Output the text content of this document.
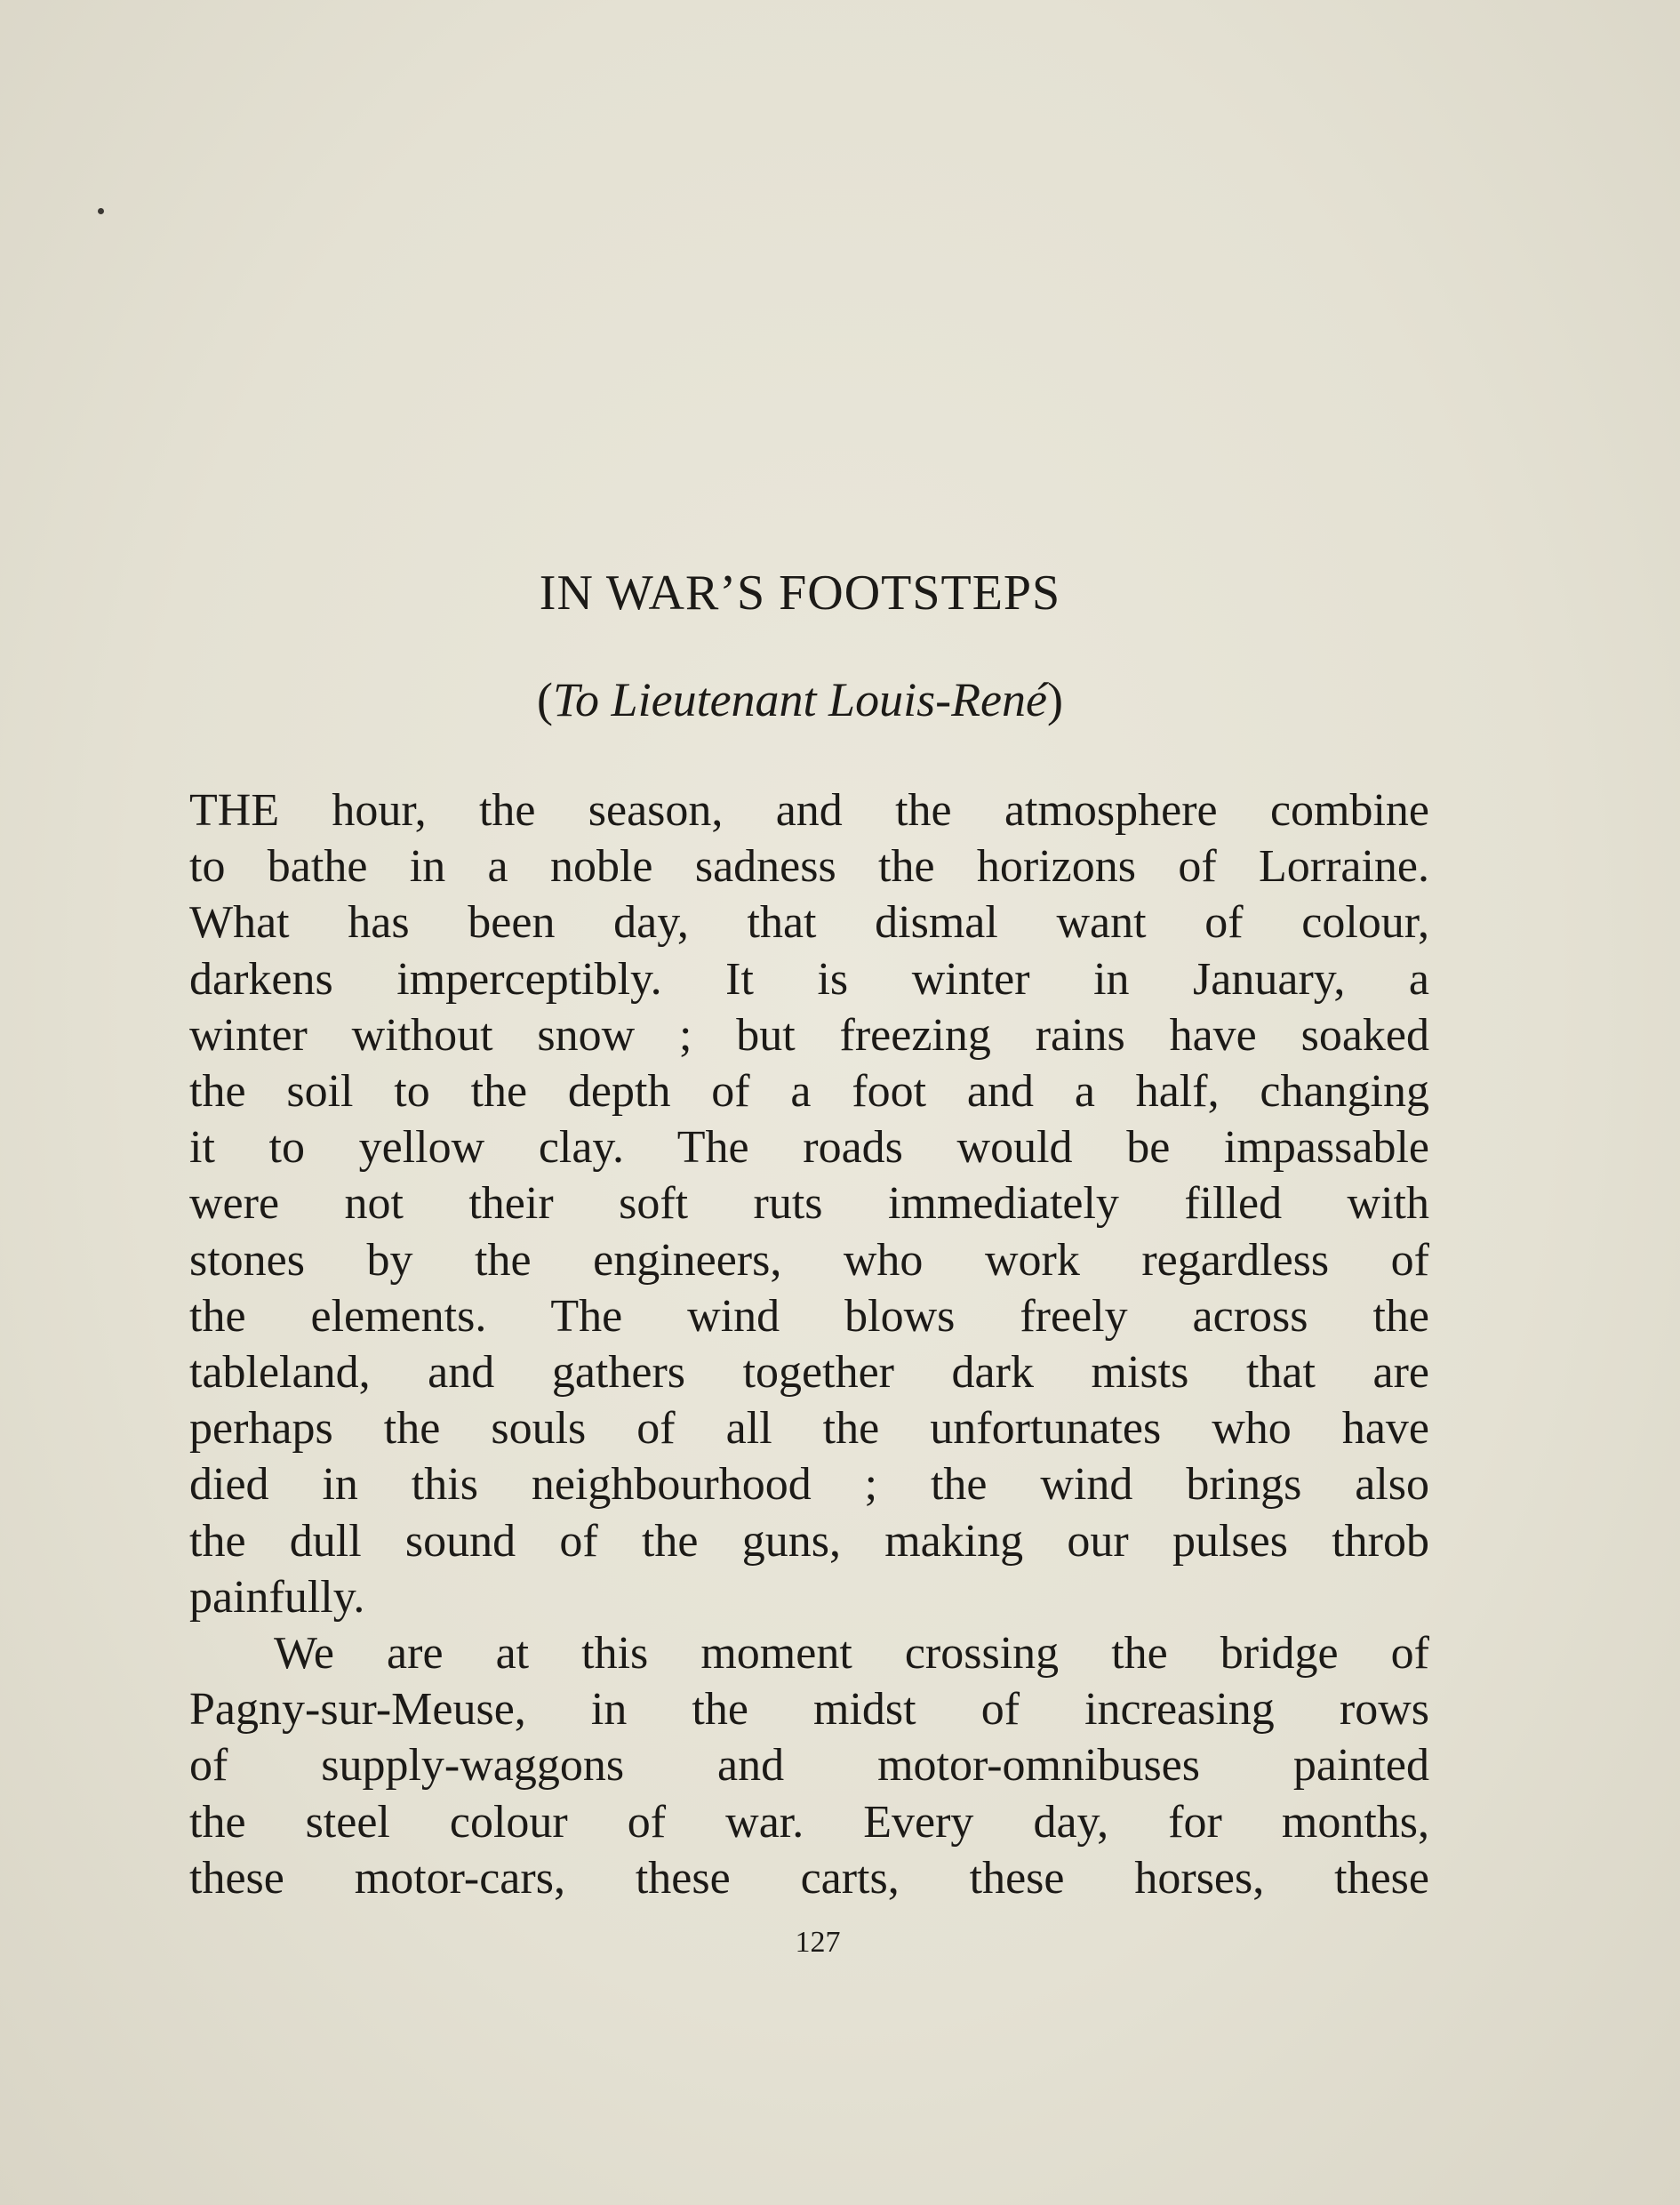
IN WAR’S FOOTSTEPS
(To Lieutenant Louis-René)
THE hour, the season, and the atmosphere combine
to bathe in a noble sadness the horizons of Lorraine.
What has been day, that dismal want of colour,
darkens imperceptibly. It is winter in January, a
winter without snow ; but freezing rains have soaked
the soil to the depth of a foot and a half, changing
it to yellow clay. The roads would be impassable
were not their soft ruts immediately filled with
stones by the engineers, who work regardless of
the elements. The wind blows freely across the
tableland, and gathers together dark mists that are
perhaps the souls of all the unfortunates who have
died in this neighbourhood ; the wind brings also
the dull sound of the guns, making our pulses throb
painfully.
We are at this moment crossing the bridge of
Pagny-sur-Meuse, in the midst of increasing rows
of supply-waggons and motor-omnibuses painted
the steel colour of war. Every day, for months,
these motor-cars, these carts, these horses, these
127
